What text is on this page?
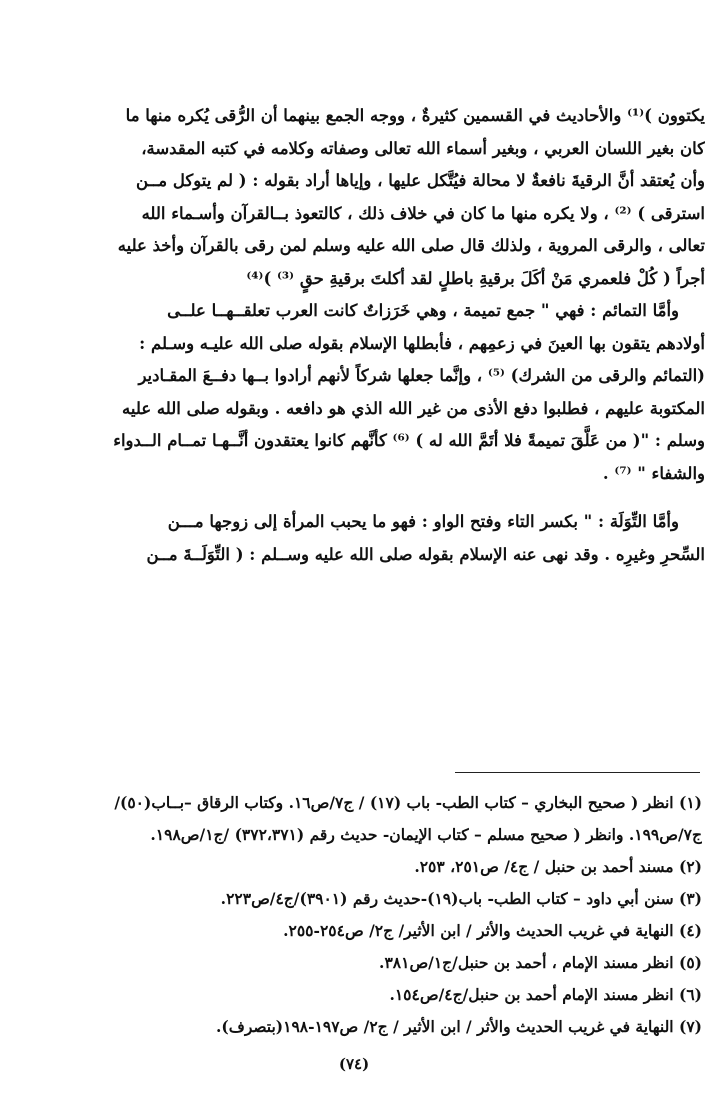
يكتوون )⁽¹⁾ والأحاديث في القسمين كثيرةٌ ، ووجه الجمع بينهما أن الرُّقى يُكره منها ما
كان بغير اللسان العربي ، وبغير أسماء الله تعالى وصفاته وكلامه في كتبه المقدسة،
وأن يُعتقد أنَّ الرقيةَ نافعةٌ لا محالة فيُتَّكل عليها ، وإياها أراد بقوله : ( لم يتوكل مــن
استرقى ) ⁽²⁾ ، ولا يكره منها ما كان في خلاف ذلك ، كالتعوذ بــالقرآن وأسـماء الله
تعالى ، والرقى المروية ، ولذلك قال صلى الله عليه وسلم لمن رقى بالقرآن وأخذ عليه
أجراً ( كُلْ فلعمري مَنْ أكَلَ برقيةِ باطلٍ لقد أكلتَ برقيةِ حقٍ ⁽³⁾ )⁽⁴⁾

وأمَّا التمائم : فهي " جمع تميمة ، وهي خَرَزاتٌ كانت العرب تعلقــهــا علــى
أولادهم يتقون بها العينَ في زعمِهم ، فأبطلها الإسلام بقوله صلى الله عليـه وسـلم :
(التمائم والرقى من الشرك) ⁽⁵⁾ ، وإنَّما جعلها شركاً لأنهم أرادوا بــها دفــعَ المقـادير
المكتوبة عليهم ، فطلبوا دفع الأذى من غير الله الذي هو دافعه . وبقوله صلى الله عليه
وسلم : "( من عَلَّقَ تميمةً فلا أتَمَّ الله له ) ⁽⁶⁾ كأنَّهم كانوا يعتقدون أنَّــهـا تمــام الــدواء
والشفاء " ⁽⁷⁾ .

وأمَّا التِّوَلَة : " بكسر التاء وفتح الواو : فهو ما يحبب المرأة إلى زوجها مـــن
السِّحرِ وغيرِه . وقد نهى عنه الإسلام بقوله صلى الله عليه وســلم : ( التِّوَلَــةَ مــن

(١) انظر ( صحيح البخاري – كتاب الطب- باب (١٧) / ج٧/ص١٦. وكتاب الرقاق –بــاب(٥٠)/
ج٧/ص١٩٩. وانظر ( صحيح مسلم – كتاب الإيمان- حديث رقم (٣٧٢،٣٧١) /ج١/ص١٩٨.
(٢) مسند أحمد بن حنبل / ج٤/ ص٢٥١، ٢٥٣.
(٣) سنن أبي داود – كتاب الطب- باب(١٩)-حديث رقم (٣٩٠١)/ج٤/ص٢٢٣.
(٤) النهاية في غريب الحديث والأثر / ابن الأثير/ ج٢/ ص٢٥٤-٢٥٥.
(٥) انظر مسند الإمام ، أحمد بن حنبل/ج١/ص٣٨١.
(٦) انظر مسند الإمام أحمد بن حنبل/ج٤/ص١٥٤.
(٧) النهاية في غريب الحديث والأثر / ابن الأثير / ج٢/ ص١٩٧-١٩٨(بتصرف).
(٧٤)
